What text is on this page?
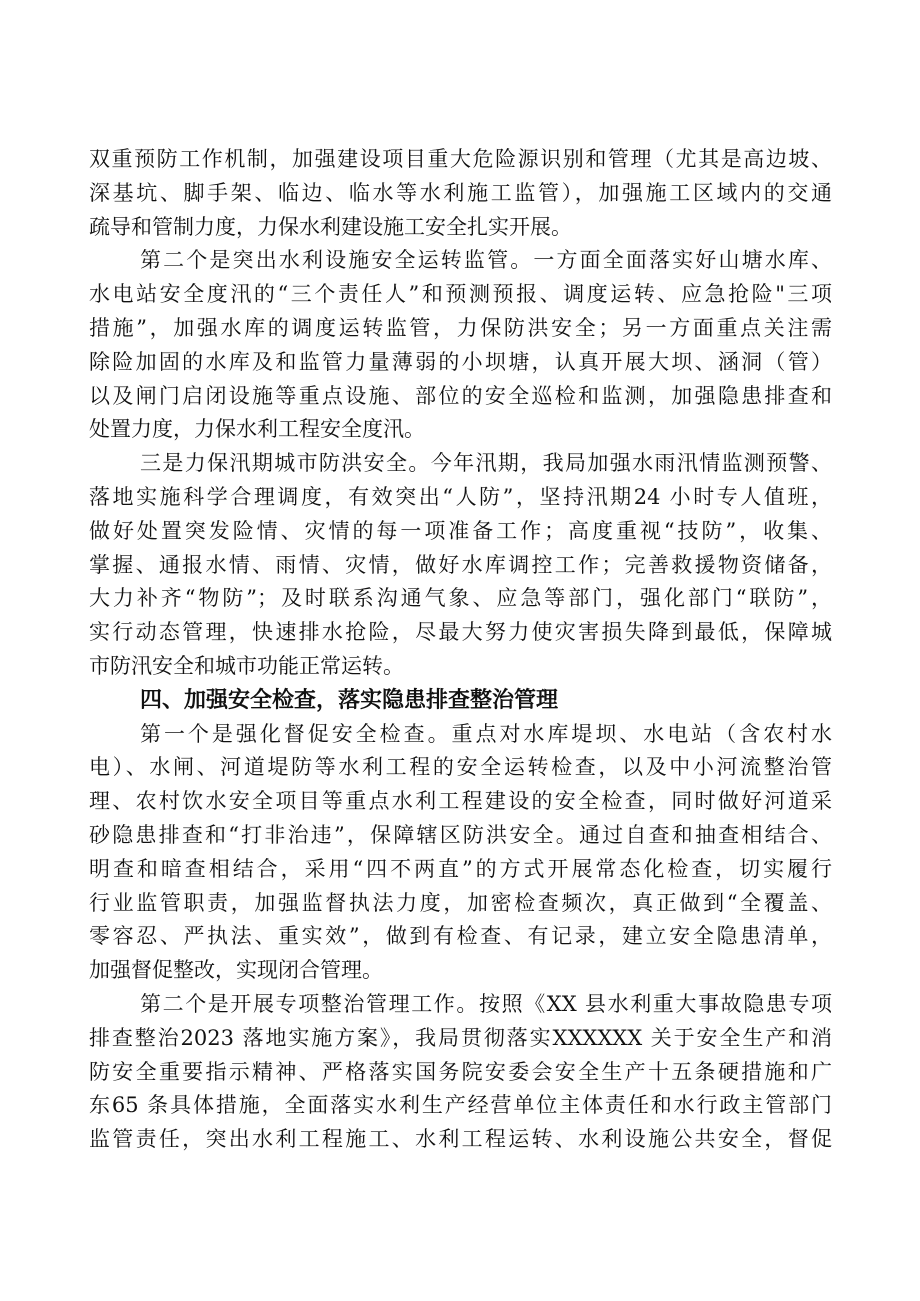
双重预防工作机制，加强建设项目重大危险源识别和管理（尤其是高边坡、
深基坑、脚手架、临边、临水等水利施工监管），加强施工区域内的交通
疏导和管制力度，力保水利建设施工安全扎实开展。
第二个是突出水利设施安全运转监管。一方面全面落实好山塘水库、
水电站安全度汛的“三个责任人”和预测预报、调度运转、应急抢险"三项
措施”，加强水库的调度运转监管，力保防洪安全；另一方面重点关注需
除险加固的水库及和监管力量薄弱的小坝塘，认真开展大坝、涵洞（管）
以及闸门启闭设施等重点设施、部位的安全巡检和监测，加强隐患排查和
处置力度，力保水利工程安全度汛。
三是力保汛期城市防洪安全。今年汛期，我局加强水雨汛情监测预警、
落地实施科学合理调度，有效突出“人防”，坚持汛期24 小时专人值班，
做好处置突发险情、灾情的每一项准备工作；高度重视“技防”，收集、
掌握、通报水情、雨情、灾情，做好水库调控工作；完善救援物资储备，
大力补齐“物防”；及时联系沟通气象、应急等部门，强化部门“联防”，
实行动态管理，快速排水抢险，尽最大努力使灾害损失降到最低，保障城
市防汛安全和城市功能正常运转。
四、加强安全检查，落实隐患排查整治管理
第一个是强化督促安全检查。重点对水库堤坝、水电站（含农村水
电）、水闸、河道堤防等水利工程的安全运转检查，以及中小河流整治管
理、农村饮水安全项目等重点水利工程建设的安全检查，同时做好河道采
砂隐患排查和“打非治违”，保障辖区防洪安全。通过自查和抽查相结合、
明查和暗查相结合，采用“四不两直”的方式开展常态化检查，切实履行
行业监管职责，加强监督执法力度，加密检查频次，真正做到“全覆盖、
零容忍、严执法、重实效”，做到有检查、有记录，建立安全隐患清单，
加强督促整改，实现闭合管理。
第二个是开展专项整治管理工作。按照《XX 县水利重大事故隐患专项
排查整治2023 落地实施方案》，我局贯彻落实XXXXXX 关于安全生产和消
防安全重要指示精神、严格落实国务院安委会安全生产十五条硬措施和广
东65 条具体措施，全面落实水利生产经营单位主体责任和水行政主管部门
监管责任，突出水利工程施工、水利工程运转、水利设施公共安全，督促
